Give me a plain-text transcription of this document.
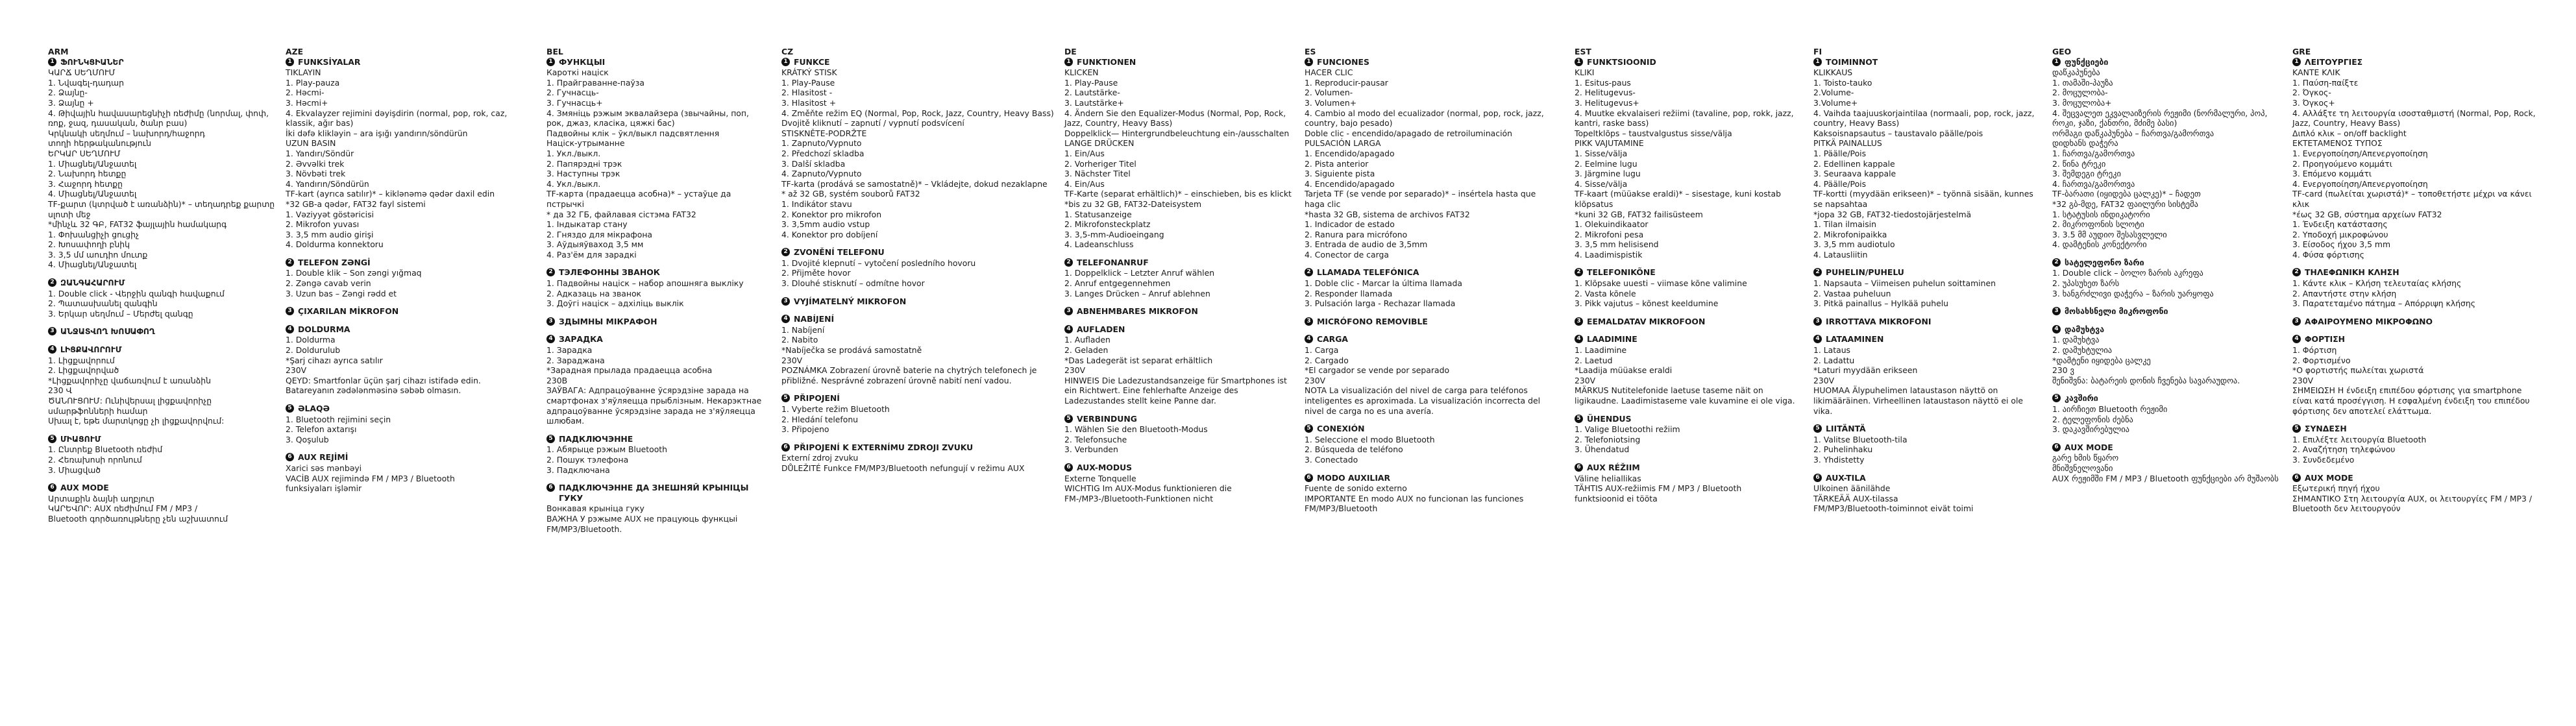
ARM
1 ՖՈՒՆԿՑԻԱՆԵՐ
ԿԱՐՃ ՍԵՂՄՈՒՄ
1. Նվագել-դադար
2. Ձայնը-
3. Ձայնը +
4. Թիվային հավասարեցնիչի ռեժիմը (նորմալ, փոփ, ռոք, ջազ, դասական, ծանր բաս)
Կրկնակի սեղմում – նախորդ/հաջորդ
տողի հերթականություն
ԵՐԿԱՐ ՍԵՂՄՈՒՄ
1. Միացնել/Անջատել
2. Նախորդ հետքը
3. Հաջորդ հետքը
4. Միացնել/Անջատել
TF-քարտ (կտրված է առանձին)* – տեղադրեք քարտը սլոտի մեջ
*մինչև 32 ԳԲ, FAT32 ֆայլային համակարգ
1. Փոխանցիչի ցուցիչ
2. Խոսափողի բնիկ
3. 3,5 մմ աուդիո մուտք
4. Միացնել/Անջատել
2 ԶԱՆԳԱՀԱՐՈՒՄ
1. Double click - Վերջին զանգի հավաքում
2. Պատասխանել զանգին
3. Երկար սեղմում – Մերժել զանգը
3 ԱՆՋԱՏՎՈՂ ԽՈՍԱՓՈՂ
4 ԼԻՑՔԱՎՈՐՈՒՄ
1. Լիցքավորում
2. Լիցքավորված
*Լիցքավորիչը վաճառվում է առանձին
230 Վ
ԾԱՆՈՒՑՈՒՄ: Ունիվերսալ լիցքավորիչը սմարթֆոնների համար
Սխալ է, եթե մարտկոցը չի լիցքավորվում:
5 ՄԻԱՑՈՒՄ
1. Ընտրեք Bluetooth ռեժիմ
2. Հեռախոսի որոնում
3. Միացված
6 AUX MODE
Արտաքին ձայնի աղբյուր
ԿԱՐԵՎՈՐ: AUX ռեժիմում FM / MP3 /
Bluetooth գործառույթները չեն աշխատում
AZE
1 FUNKSİYALAR
TIKLAYIN
1. Play-pauza
2. Həcmi-
3. Həcmi+
4. Ekvalayzer rejimini dəyişdirin (normal, pop, rok, caz, klassik, ağır bas)
İki dəfə klikləyin – ara işığı yandırın/söndürün
UZUN BASIN
1. Yandırı/Söndür
2. Əvvəlki trek
3. Növbəti trek
4. Yandırın/Söndürün
TF-kart (ayrıca satılır)* – kiklənəmə qədər daxil edin
*32 GB-a qədər, FAT32 fayl sistemi
1. Vəziyyət göstəricisi
2. Mikrofon yuvası
3. 3,5 mm audio girişi
4. Doldurma konnektoru
2 TELEFON ZƏNGİ
1. Double klik – Son zəngi yığmaq
2. Zəngə cavab verin
3. Uzun bas – Zəngi rədd et
3 ÇIXARILAN MİKROFON
4 DOLDURMA
1. Doldurma
2. Doldurulub
*Şarj cihazı ayrıca satılır
230V
QEYD: Smartfonlar üçün şarj cihazı istifadə edin. Batareyanın zədələnməsinə səbəb olmasın.
5 ƏLAQƏ
1. Bluetooth rejimini seçin
2. Telefon axtarışı
3. Qoşulub
6 AUX REJİMİ
Xarici səs mənbəyi
VACİB AUX rejimində FM / MP3 / Bluetooth
funksiyaları işləmir
BEL
1 ФУНКЦЫІ
Кароткі націск
1. Прайграванне-паўза
2. Гучнасць-
3. Гучнасць+
4. Змяніць рэжым эквалайзера (звычайны, поп, рок, джаз, класіка, цяжкі бас)
Падвойны клік – ўкл/выкл падсвятлення
Націск-утрыманне
1. Укл./выкл.
2. Папярэдні трэк
3. Наступны трэк
4. Укл./выкл.
TF-карта (прадаецца асобна)* – устаўце да пстрычкі
* да 32 ГБ, файлавая сістэма FAT32
1. Індыкатар стану
2. Гняздо для мікрафона
3. Аўдыяўваход 3,5 мм
4. Раз'ём для зарадкі
2 ТЭЛЕФОННЫ ЗВАНОК
1. Падвойны націск – набор апошняга выкліку
2. Адказаць на званок
3. Доўгі націск – адхіліць выклік
3 ЗДЫМНЫ МІКРАФОН
4 ЗАРАДКА
1. Зарадка
2. Зараджана
*Зарадная прылада прадаецца асобна
230В
ЗАЎВАГА: Адпрацоўванне ўсярэдзіне зарада на смартфонах з'яўляецца прыблізным. Некарэктнае адпрацоўванне ўсярэдзіне зарада не з'яўляецца шлюбам.
5 ПАДКЛЮЧЭННЕ
1. Абярыце рэжым Bluetooth
2. Пошук тэлефона
3. Падключана
6 ПАДКЛЮЧЭННЕ ДА ЗНЕШНЯЙ КРЫНІЦЫ ГУКУ
Вонкавая крыніца гуку
ВАЖНА У рэжыме AUX не працуюць функцыі FM/MP3/Bluetooth.
CZ
1 FUNKCE
KRÁTKÝ STISK
1. Play-Pause
2. Hlasitost -
3. Hlasitost +
4. Změňte režim EQ (Normal, Pop, Rock, Jazz, Country, Heavy Bass)
Dvojitě kliknutí – zapnutí / vypnutí podsvícení
STISKNĚTE-PODRŽTE
1. Zapnuto/Vypnuto
2. Předchozí skladba
3. Další skladba
4. Zapnuto/Vypnuto
TF-karta (prodává se samostatně)* – Vkládejte, dokud nezaklapne
* až 32 GB, systém souborů FAT32
1. Indikátor stavu
2. Konektor pro mikrofon
3. 3,5mm audio vstup
4. Konektor pro dobíjení
2 ZVONĚNÍ TELEFONU
1. Dvojité klepnutí – vytočení posledního hovoru
2. Přijměte hovor
3. Dlouhé stisknutí – odmítne hovor
3 VYJÍMATELNÝ MIKROFON
4 NABÍJENÍ
1. Nabíjení
2. Nabito
*Nabíječka se prodává samostatně
230V
POZNÁMKA Zobrazení úrovně baterie na chytrých telefonech je přibližné. Nesprávné zobrazení úrovně nabití není vadou.
5 PŘIPOJENÍ
1. Vyberte režim Bluetooth
2. Hledání telefonu
3. Připojeno
6 PŘIPOJENÍ K EXTERNÍMU ZDROJI ZVUKU
Externí zdroj zvuku
DŮLEŽITÉ Funkce FM/MP3/Bluetooth nefungují v režimu AUX
DE
1 FUNKTIONEN
KLICKEN
1. Play-Pause
2. Lautstärke-
3. Lautstärke+
4. Ändern Sie den Equalizer-Modus (Normal, Pop, Rock, Jazz, Country, Heavy Bass)
Doppelklick— Hintergrundbeleuchtung ein-/ausschalten
LANGE DRÜCKEN
1. Ein/Aus
2. Vorheriger Titel
3. Nächster Titel
4. Ein/Aus
TF-Karte (separat erhältlich)* – einschieben, bis es klickt
*bis zu 32 GB, FAT32-Dateisystem
1. Statusanzeige
2. Mikrofonsteckplatz
3. 3,5-mm-Audioeingang
4. Ladeanschluss
2 TELEFONANRUF
1. Doppelklick – Letzter Anruf wählen
2. Anruf entgegennehmen
3. Langes Drücken – Anruf ablehnen
3 ABNEHMBARES MIKROFON
4 AUFLADEN
1. Aufladen
2. Geladen
*Das Ladegerät ist separat erhältlich
230V
HINWEIS Die Ladezustandsanzeige für Smartphones ist ein Richtwert. Eine fehlerhafte Anzeige des Ladezustandes stellt keine Panne dar.
5 VERBINDUNG
1. Wählen Sie den Bluetooth-Modus
2. Telefonsuche
3. Verbunden
6 AUX-MODUS
Externe Tonquelle
WICHTIG Im AUX-Modus funktionieren die FM-/MP3-/Bluetooth-Funktionen nicht
ES
1 FUNCIONES
HACER CLIC
1. Reproducir-pausar
2. Volumen-
3. Volumen+
4. Cambio al modo del ecualizador (normal, pop, rock, jazz, country, bajo pesado)
Doble clic - encendido/apagado de retroiluminación
PULSACIÓN LARGA
1. Encendido/apagado
2. Pista anterior
3. Siguiente pista
4. Encendido/apagado
Tarjeta TF (se vende por separado)* – insértela hasta que haga clic
*hasta 32 GB, sistema de archivos FAT32
1. Indicador de estado
2. Ranura para micrófono
3. Entrada de audio de 3,5mm
4. Conector de carga
2 LLAMADA TELEFÓNICA
1. Doble clic - Marcar la última llamada
2. Responder llamada
3. Pulsación larga - Rechazar llamada
3 MICRÓFONO REMOVIBLE
4 CARGA
1. Carga
2. Cargado
*El cargador se vende por separado
230V
NOTA La visualización del nivel de carga para teléfonos inteligentes es aproximada. La visualización incorrecta del nivel de carga no es una avería.
5 CONEXIÓN
1. Seleccione el modo Bluetooth
2. Búsqueda de teléfono
3. Conectado
6 MODO AUXILIAR
Fuente de sonido externo
IMPORTANTE En modo AUX no funcionan las funciones FM/MP3/Bluetooth
EST
1 FUNKTSIOONID
KLIKI
1. Esitus-paus
2. Helitugevus-
3. Helitugevus+
4. Muutke ekvalaiseri režiimi (tavaline, pop, rokk, jazz, kantri, raske bass)
Topeltklõps – taustvalgustus sisse/välja
PIKK VAJUTAMINE
1. Sisse/välja
2. Eelmine lugu
3. Järgmine lugu
4. Sisse/välja
TF-kaart (müüakse eraldi)* – sisestage, kuni kostab klõpsatus
*kuni 32 GB, FAT32 failisüsteem
1. Olekuindikaator
2. Mikrofoni pesa
3. 3,5 mm helisisend
4. Laadimispistik
2 TELEFONIKÕNE
1. Klõpsake uuesti – viimase kõne valimine
2. Vasta kõnele
3. Pikk vajutus – kõnest keeldumine
3 EEMALDATAV MIKROFOON
4 LAADIMINE
1. Laadimine
2. Laetud
*Laadija müüakse eraldi
230V
MÄRKUS Nutitelefonide laetuse taseme näit on ligikaudne. Laadimistaseme vale kuvamine ei ole viga.
5 ÜHENDUS
1. Valige Bluetoothi režiim
2. Telefoniotsing
3. Ühendatud
6 AUX RÉŽIIM
Väline heliallikas
TÄHTIS AUX-režiimis FM / MP3 / Bluetooth
funktsioonid ei tööta
FI
1 TOIMINNOT
KLIKKAUS
1. Toisto-tauko
2.Volume-
3.Volume+
4. Vaihda taajuuskorjaintilaa (normaali, pop, rock, jazz, country, Heavy Bass)
Kaksoisnapsautus – taustavalo päälle/pois
PITKÄ PAINALLUS
1. Päälle/Pois
2. Edellinen kappale
3. Seuraava kappale
4. Päälle/Pois
TF-kortti (myydään erikseen)* – työnnä sisään, kunnes se napsahtaa
*jopa 32 GB, FAT32-tiedostojärjestelmä
1. Tilan ilmaisin
2. Mikrofonipaikka
3. 3,5 mm audiotulo
4. Latausliitin
2 PUHELIN/PUHELU
1. Napsauta – Viimeisen puhelun soittaminen
2. Vastaa puheluun
3. Pitkä painallus – Hylkää puhelu
3 IRROTTAVA MIKROFONI
4 LATAAMINEN
1. Lataus
2. Ladattu
*Laturi myydään erikseen
230V
HUOMAA Älypuhelimen lataustason näyttö on likimääräinen. Virheellinen lataustason näyttö ei ole vika.
5 LIITÄNTÄ
1. Valitse Bluetooth-tila
2. Puhelinhaku
3. Yhdistetty
6 AUX-TILA
Ulkoinen äänilähde
TÄRKEÄÄ AUX-tilassa
FM/MP3/Bluetooth-toiminnot eivät toimi
GEO
1 ფუნქციები
დაწკაპუნება
1. თამაში-პაუზა
2. მოცულობა-
3. მოცულობა+
4. შეცვალეთ ეკვალაიზერის რეჟიმი (ნორმალური, პოპ, როკი, ჯაზი, ქანთრი, მძიმე ბასი)
ორმაგი დაწკაპუნება – ჩართვა/გამორთვა
დიდხანს დაჭერა
1. ჩართვა/გამორთვა
2. წინა ტრეკი
3. შემდეგი ტრეკი
4. ჩართვა/გამორთვა
TF-ბარათი (იყიდება ცალკე)* – ჩადეთ
*32 გბ-მდე, FAT32 ფაილური სისტემა
1. სტატუსის ინდიკატორი
2. მიკროფონის სლოტი
3. 3.5 მმ აუდიო შესასვლელი
4. დამტენის კონექტორი
2 სატელეფონო ზარი
1. Double click – ბოლო ზარის აკრეფა
2. უპასუხეთ ზარს
3. ხანგრძლივი დაჭერა – ზარის უარყოფა
3 მოსახსნელი მიკროფონი
4 დამუხტვა
1. დამუხტვა
2. დამუხტულია
*დამტენი იყიდება ცალკე
230 ვ
შენიშვნა: ბატარეის დონის ჩვენება სავარაუდოა.
5 კავშირი
1. აირჩიეთ Bluetooth რეჟიმი
2. ტელეფონის ძებნა
3. დაკავშირებულია
6 AUX MODE
გარე ხმის წყარო
მნიშვნელოვანი
AUX რეჟიმში FM / MP3 / Bluetooth ფუნქციები არ მუშაობს
GRE
1 ΛΕΙΤΟΥΡΓΙΕΣ
ΚΑΝΤΕ ΚΛΙΚ
1. Παύση-παίξτε
2. Όγκος-
3. Όγκος+
4. Αλλάξτε τη λειτουργία ισοσταθμιστή (Normal, Pop, Rock, Jazz, Country, Heavy Bass)
Διπλό κλικ – on/off backlight
ΕΚΤΕΤΑΜΕΝΟΣ ΤΥΠΟΣ
1. Ενεργοποίηση/Απενεργοποίηση
2. Προηγούμενο κομμάτι
3. Επόμενο κομμάτι
4. Ενεργοποίηση/Απενεργοποίηση
TF-card (πωλείται χωριστά)* – τοποθετήστε μέχρι να κάνει κλικ
*έως 32 GB, σύστημα αρχείων FAT32
1. Ένδειξη κατάστασης
2. Υποδοχή μικροφώνου
3. Είσοδος ήχου 3,5 mm
4. Φύσα φόρτισης
2 ΤΗΛΕΦΩΝΙΚΗ ΚΛΗΣΗ
1. Κάντε κλικ – Κλήση τελευταίας κλήσης
2. Απαντήστε στην κλήση
3. Παρατεταμένο πάτημα – Απόρριψη κλήσης
3 ΑΦΑΙΡΟΥΜΕΝΟ ΜΙΚΡΟΦΩΝΟ
4 ΦΟΡΤΙΣΗ
1. Φόρτιση
2. Φορτισμένο
*Ο φορτιστής πωλείται χωριστά
230V
ΣΗΜΕΙΩΣΗ Η ένδειξη επιπέδου φόρτισης για smartphone είναι κατά προσέγγιση. Η εσφαλμένη ένδειξη του επιπέδου φόρτισης δεν αποτελεί ελάττωμα.
5 ΣΥΝΔΕΣΗ
1. Επιλέξτε λειτουργία Bluetooth
2. Αναζήτηση τηλεφώνου
3. Συνδεδεμένο
6 AUX MODE
Εξωτερική πηγή ήχου
ΣΗΜΑΝΤΙΚΟ Στη λειτουργία AUX, οι λειτουργίες FM / MP3 / Bluetooth δεν λειτουργούν
